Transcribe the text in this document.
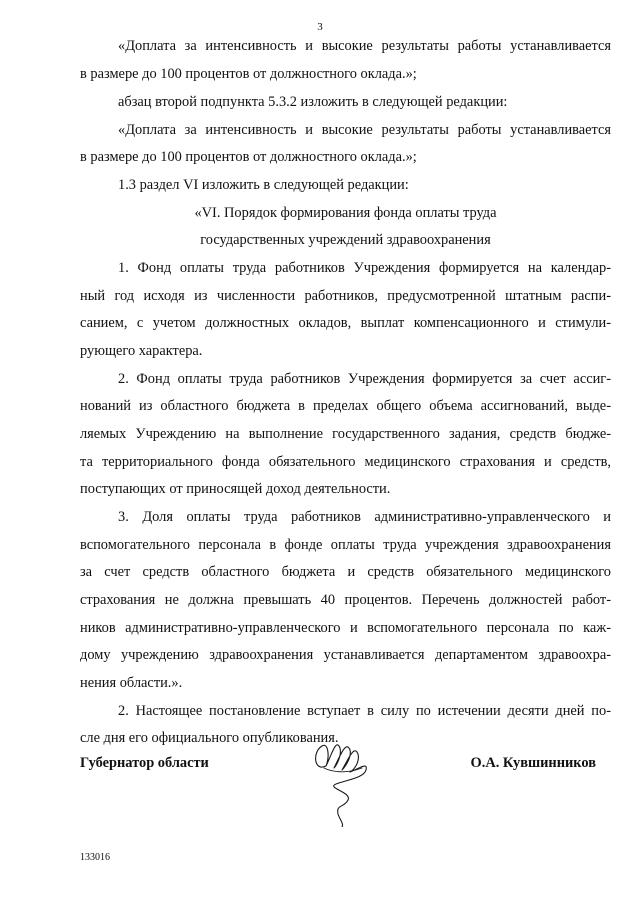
3
«Доплата за интенсивность и высокие результаты работы устанавливается
в размере до 100 процентов от должностного оклада.»;
абзац второй подпункта 5.3.2 изложить в следующей редакции:
«Доплата за интенсивность и высокие результаты работы устанавливается
в размере до 100 процентов от должностного оклада.»;
1.3 раздел VI изложить в следующей редакции:
«VI. Порядок формирования фонда оплаты труда
государственных учреждений здравоохранения
1. Фонд оплаты труда работников Учреждения формируется на календар-
ный год исходя из численности работников, предусмотренной штатным распи-
санием, с учетом должностных окладов, выплат компенсационного и стимули-
рующего характера.
2. Фонд оплаты труда работников Учреждения формируется за счет ассиг-
нований из областного бюджета в пределах общего объема ассигнований, выде-
ляемых Учреждению на выполнение государственного задания, средств бюдже-
та территориального фонда обязательного медицинского страхования и средств,
поступающих от приносящей доход деятельности.
3. Доля оплаты труда работников административно-управленческого и
вспомогательного персонала в фонде оплаты труда учреждения здравоохранения
за счет средств областного бюджета и средств обязательного медицинского
страхования не должна превышать 40 процентов. Перечень должностей работ-
ников административно-управленческого и вспомогательного персонала по каж-
дому учреждению здравоохранения устанавливается департаментом здравоохра-
нения области.».
2. Настоящее постановление вступает в силу по истечении десяти дней по-
сле дня его официального опубликования.
Губернатор области	О.А. Кувшинников
133016
